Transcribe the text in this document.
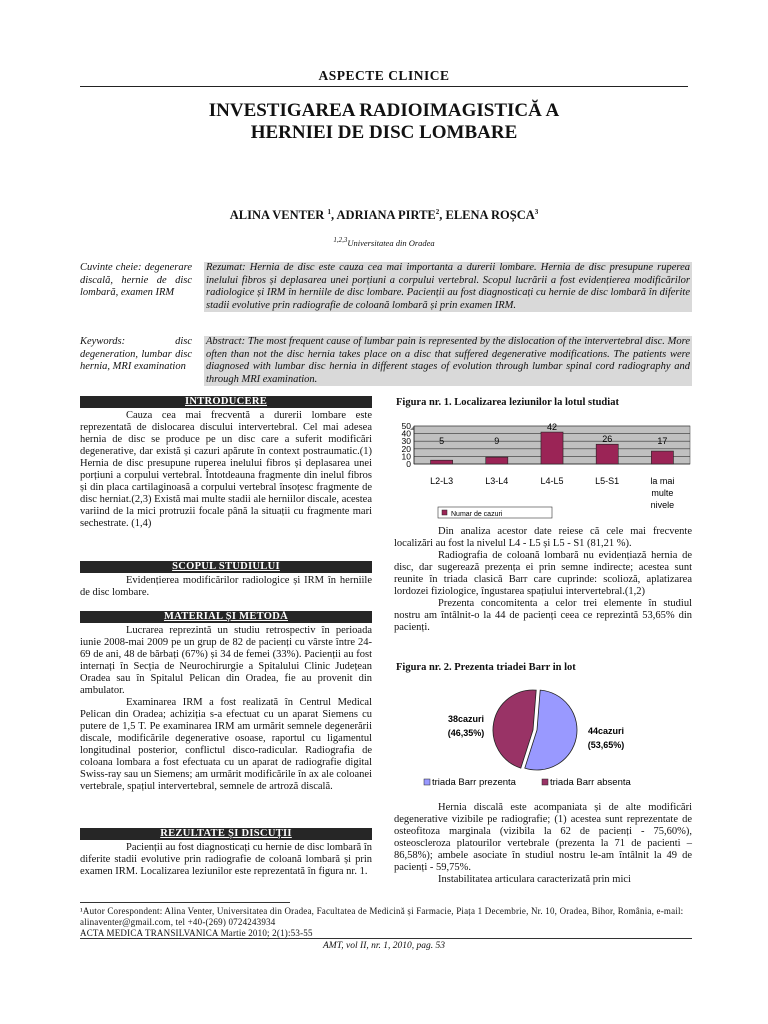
ASPECTE CLINICE
INVESTIGAREA RADIOIMAGISTICĂ A
HERNIEI DE DISC LOMBARE
ALINA VENTER $^1$, ADRIANA PIRTE$^2$, ELENA ROȘCA$^3$
$^{1,2,3}$Universitatea din Oradea
Cuvinte cheie: degenerare discală, hernie de disc lombară, examen IRM
Rezumat: Hernia de disc este cauza cea mai importanta a durerii lombare. Hernia de disc presupune ruperea inelului fibros și deplasarea unei porțiuni a corpului vertebral. Scopul lucrării a fost evidențierea modificărilor radiologice și IRM în herniile de disc lombare. Pacienții au fost diagnosticați cu hernie de disc lombară în diferite stadii evolutive prin radiografie de coloană lombară și prin examen IRM.
Keywords: disc degeneration, lumbar disc hernia, MRI examination
Abstract: The most frequent cause of lumbar pain is represented by the dislocation of the intervertebral disc. More often than not the disc hernia takes place on a disc that suffered degenerative modifications. The patients were diagnosed with lumbar disc hernia in different stages of evolution through lumbar spinal cord radiography and through MRI examination.
INTRODUCERE

Cauza cea mai frecventă a durerii lombare este reprezentată de dislocarea discului intervertebral. Cel mai adesea hernia de disc se produce pe un disc care a suferit modificări degenerative, dar există și cazuri apărute în context postraumatic.(1) Hernia de disc presupune ruperea inelului fibros și deplasarea unei porțiuni a corpului vertebral. Întotdeauna fragmente din inelul fibros și din placa cartilaginoasă a corpului vertebral însoțesc fragmente de disc herniat.(2,3) Există mai multe stadii ale herniilor discale, acestea variind de la mici protruzii focale până la situații cu fragmente mari sechestrate. (1,4)

SCOPUL STUDIULUI

Evidențierea modificărilor radiologice și IRM în herniile de disc lombare.

MATERIAL ȘI METODĂ

Lucrarea reprezintă un studiu retrospectiv în perioada iunie 2008-mai 2009 pe un grup de 82 de pacienți cu vârste între 24- 69 de ani, 48 de bărbați (67%) și 34 de femei (33%). Pacienții au fost internați în Secția de Neurochirurgie a Spitalului Clinic Județean Oradea sau în Spitalul Pelican din Oradea, fie au provenit din ambulator.

Examinarea IRM a fost realizată în Centrul Medical Pelican din Oradea; achiziția s-a efectuat cu un aparat Siemens cu putere de 1,5 T. Pe examinarea IRM am urmărit semnele degenerării discale, modificările degenerative osoase, raportul cu ligamentul longitudinal posterior, conflictul disco-radicular. Radiografia de coloana lombara a fost efectuata cu un aparat de radiografie digital Swiss-ray sau un Siemens; am urmărit modificările în ax ale coloanei vertebrale, spațiul intervertebral, semnele de artroză discală.

REZULTATE ȘI DISCUȚII

Pacienții au fost diagnosticați cu hernie de disc lombară în diferite stadii evolutive prin radiografie de coloană lombară și prin examen IRM. Localizarea leziunilor este reprezentată în figura nr. 1.

Figura nr. 1. Localizarea leziunilor la lotul studiat
0
10
20
30
40
50
5	9
42
26	17
L2-L3	L3-L4	L4-L5	L5-S1	la mai
multe
nivele
Numar de cazuri

Din analiza acestor date reiese că cele mai frecvente localizări au fost la nivelul L4 - L5 și L5 - S1 (81,21 %).

Radiografia de coloană lombară nu evidențiază hernia de disc, dar sugerează prezența ei prin semne indirecte; acestea sunt reunite în triada clasică Barr care cuprinde: scolioză, aplatizarea lordozei fiziologice, îngustarea spațiului intervertebral.(1,2)

Prezenta concomitenta a celor trei elemente în studiul nostru am întâlnit-o la 44 de pacienți ceea ce reprezintă 53,65% din pacienți.

Figura nr. 2. Prezenta triadei Barr in lot
38cazuri
(46,35%)	44cazuri
(53,65%)
triada Barr prezenta	triada Barr absenta

Hernia discală este acompaniata și de alte modificări degenerative vizibile pe radiografie; (1) acestea sunt reprezentate de osteofitoza marginala (vizibila la 62 de pacienți - 75,60%), osteoscleroza platourilor vertebrale (prezenta la 71 de pacienti – 86,58%); ambele asociate în studiul nostru le-am întâlnit la 49 de pacienți - 59,75%.

Instabilitatea articulara caracterizată prin mici

¹Autor Corespondent: Alina Venter, Universitatea din Oradea, Facultatea de Medicină și Farmacie, Piața 1 Decembrie, Nr. 10, Oradea, Bihor, România, e-mail: alinaventer@gmail.com, tel +40-(269) 0724243934
ACTA MEDICA TRANSILVANICA Martie 2010; 2(1):53-55
AMT, vol II, nr. 1, 2010, pag. 53
